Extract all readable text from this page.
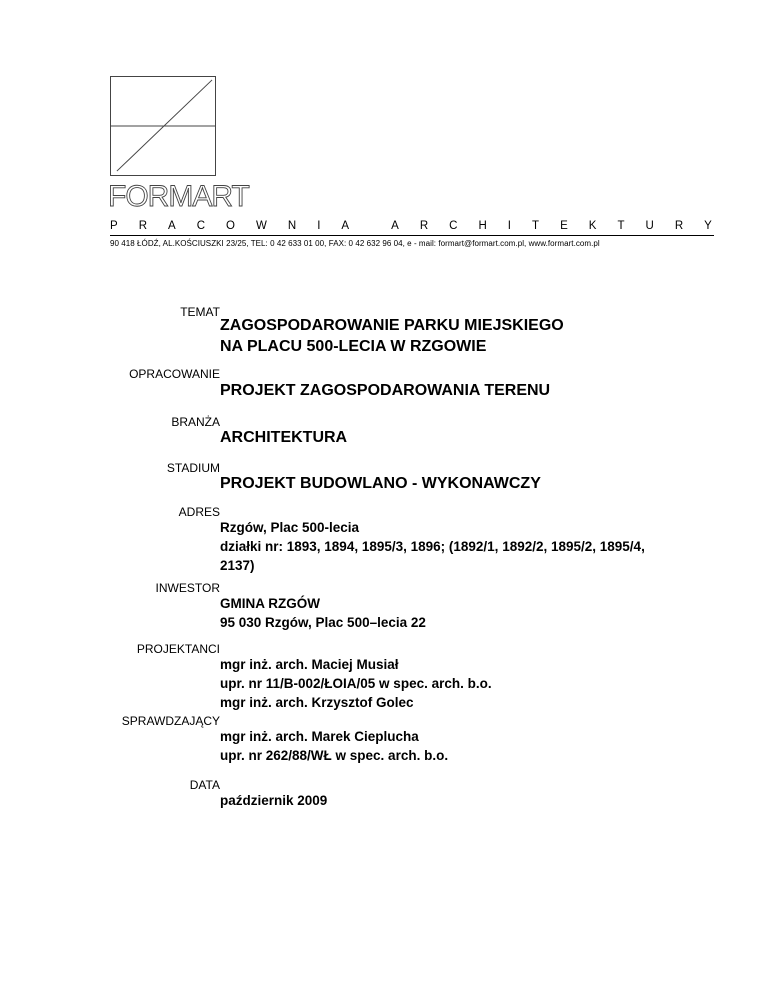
FORMART
P R A C O W N I A	A R C H I T E K T U R Y
90 418 ŁÓDŹ, AL.KOŚCIUSZKI 23/25, TEL: 0 42 633 01 00, FAX: 0 42 632 96 04, e - mail: formart@formart.com.pl, www.formart.com.pl
TEMAT
ZAGOSPODAROWANIE PARKU MIEJSKIEGO
NA PLACU 500-LECIA W RZGOWIE
OPRACOWANIE
PROJEKT ZAGOSPODAROWANIA TERENU
BRANŻA
ARCHITEKTURA
STADIUM
PROJEKT BUDOWLANO - WYKONAWCZY
ADRES
Rzgów, Plac 500-lecia
działki nr: 1893, 1894, 1895/3, 1896; (1892/1, 1892/2, 1895/2, 1895/4,
2137)
INWESTOR
GMINA RZGÓW
95 030 Rzgów, Plac 500–lecia 22
PROJEKTANCI
mgr inż. arch. Maciej Musiał
upr. nr 11/B-002/ŁOIA/05 w spec. arch. b.o.
mgr inż. arch. Krzysztof Golec
SPRAWDZAJĄCY
mgr inż. arch. Marek Cieplucha
upr. nr 262/88/WŁ w spec. arch. b.o.
DATA
październik 2009
